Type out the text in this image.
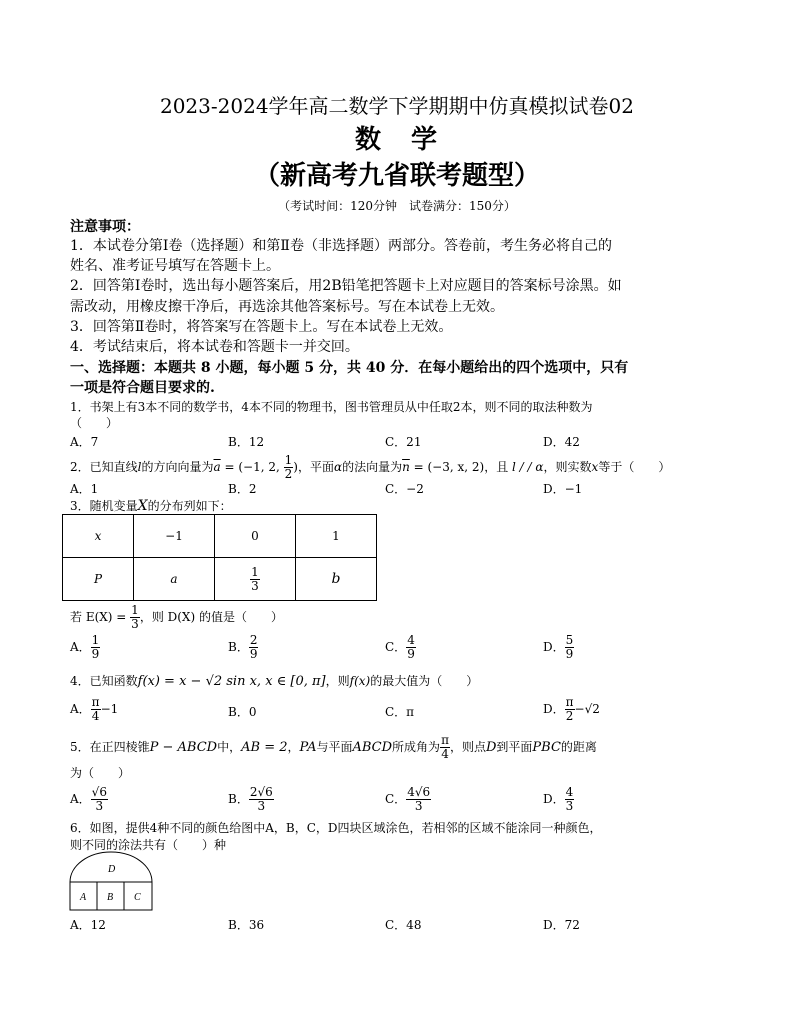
2023-2024学年高二数学下学期期中仿真模拟试卷02
数　学
（新高考九省联考题型）
（考试时间：120分钟　试卷满分：150分）
注意事项：
1．本试卷分第Ⅰ卷（选择题）和第Ⅱ卷（非选择题）两部分。答卷前，考生务必将自己的
姓名、准考证号填写在答题卡上。
2．回答第Ⅰ卷时，选出每小题答案后，用2B铅笔把答题卡上对应题目的答案标号涂黑。如
需改动，用橡皮擦干净后，再选涂其他答案标号。写在本试卷上无效。
3．回答第Ⅱ卷时，将答案写在答题卡上。写在本试卷上无效。
4．考试结束后，将本试卷和答题卡一并交回。
一、选择题：本题共 8 小题，每小题 5 分，共 40 分．在每小题给出的四个选项中，只有
一项是符合题目要求的.
1．书架上有3本不同的数学书，4本不同的物理书，图书管理员从中任取2本，则不同的取法种数为
（　　）
A．7	B．12	C．21	D．42
2．已知直线l的方向向量为$\overline{a} = (-1$, 2, $\frac{1}{2}$ )，平面α的法向量为$\overline{n} = (-3$, x, 2)，且 l / / α，则实数x等于（　　）
A．1	B．2	C．−2	D．−1
3．随机变量X的分布列如下：
x	−1	0	1
P	a	$\frac{1}{3}$	b
若 $E(X) = \frac{1}{3}$ ，则 D(X) 的值是（　　）
A． $\frac{1}{9}$	B． $\frac{2}{9}$	C． $\frac{4}{9}$	D． $\frac{5}{9}$
4．已知函数f(x) = x − √2 sin x, x ∈ [0, π]，则f(x)的最大值为（　　）
A． $\frac{\pi}{4} -1$	B．0	C．π	D． $\frac{\pi}{2} -√2$
5．在正四棱锥P − ABCD中，AB = 2，PA与平面ABCD所成角为 $\frac{\pi}{4}$ ，则点D到平面PBC的距离
为（　　）
A． $\frac{√6}{3}$	B． $\frac{2√6}{3}$	C． $\frac{4√6}{3}$	D． $\frac{4}{3}$
6．如图，提供4种不同的颜色给图中A，B，C，D四块区域涂色，若相邻的区域不能涂同一种颜色，
则不同的涂法共有（　　）种
D
A B C
A．12	B．36	C．48	D．72
